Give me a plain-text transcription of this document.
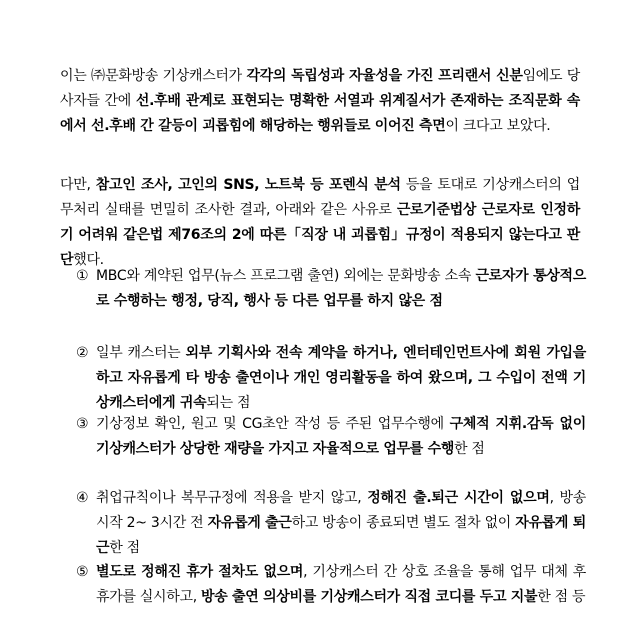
이는 ㈜문화방송 기상캐스터가 각각의 독립성과 자율성을 가진 프리랜서 신분임에도 당사자들 간에 선.후배 관계로 표현되는 명확한 서열과 위계질서가 존재하는 조직문화 속에서 선.후배 간 갈등이 괴롭힘에 해당하는 행위들로 이어진 측면이 크다고 보았다.

다만, 참고인 조사, 고인의 SNS, 노트북 등 포렌식 분석 등을 토대로 기상캐스터의 업무처리 실태를 면밀히 조사한 결과, 아래와 같은 사유로 근로기준법상 근로자로 인정하기 어려워 같은법 제76조의 2에 따른「직장 내 괴롭힘」규정이 적용되지 않는다고 판단했다.

① MBC와 계약된 업무(뉴스 프로그램 출연) 외에는 문화방송 소속 근로자가 통상적으로 수행하는 행정, 당직, 행사 등 다른 업무를 하지 않은 점
② 일부 캐스터는 외부 기획사와 전속 계약을 하거나, 엔터테인먼트사에 회원 가입을 하고 자유롭게 타 방송 출연이나 개인 영리활동을 하여 왔으며, 그 수입이 전액 기상캐스터에게 귀속되는 점
③ 기상정보 확인, 원고 및 CG초안 작성 등 주된 업무수행에 구체적 지휘.감독 없이 기상캐스터가 상당한 재량을 가지고 자율적으로 업무를 수행한 점
④ 취업규칙이나 복무규정에 적용을 받지 않고, 정해진 출.퇴근 시간이 없으며, 방송 시작 2~ 3시간 전 자유롭게 출근하고 방송이 종료되면 별도 절차 없이 자유롭게 퇴근한 점
⑤ 별도로 정해진 휴가 절차도 없으며, 기상캐스터 간 상호 조율을 통해 업무 대체 후 휴가를 실시하고, 방송 출연 의상비를 기상캐스터가 직접 코디를 두고 지불한 점 등
